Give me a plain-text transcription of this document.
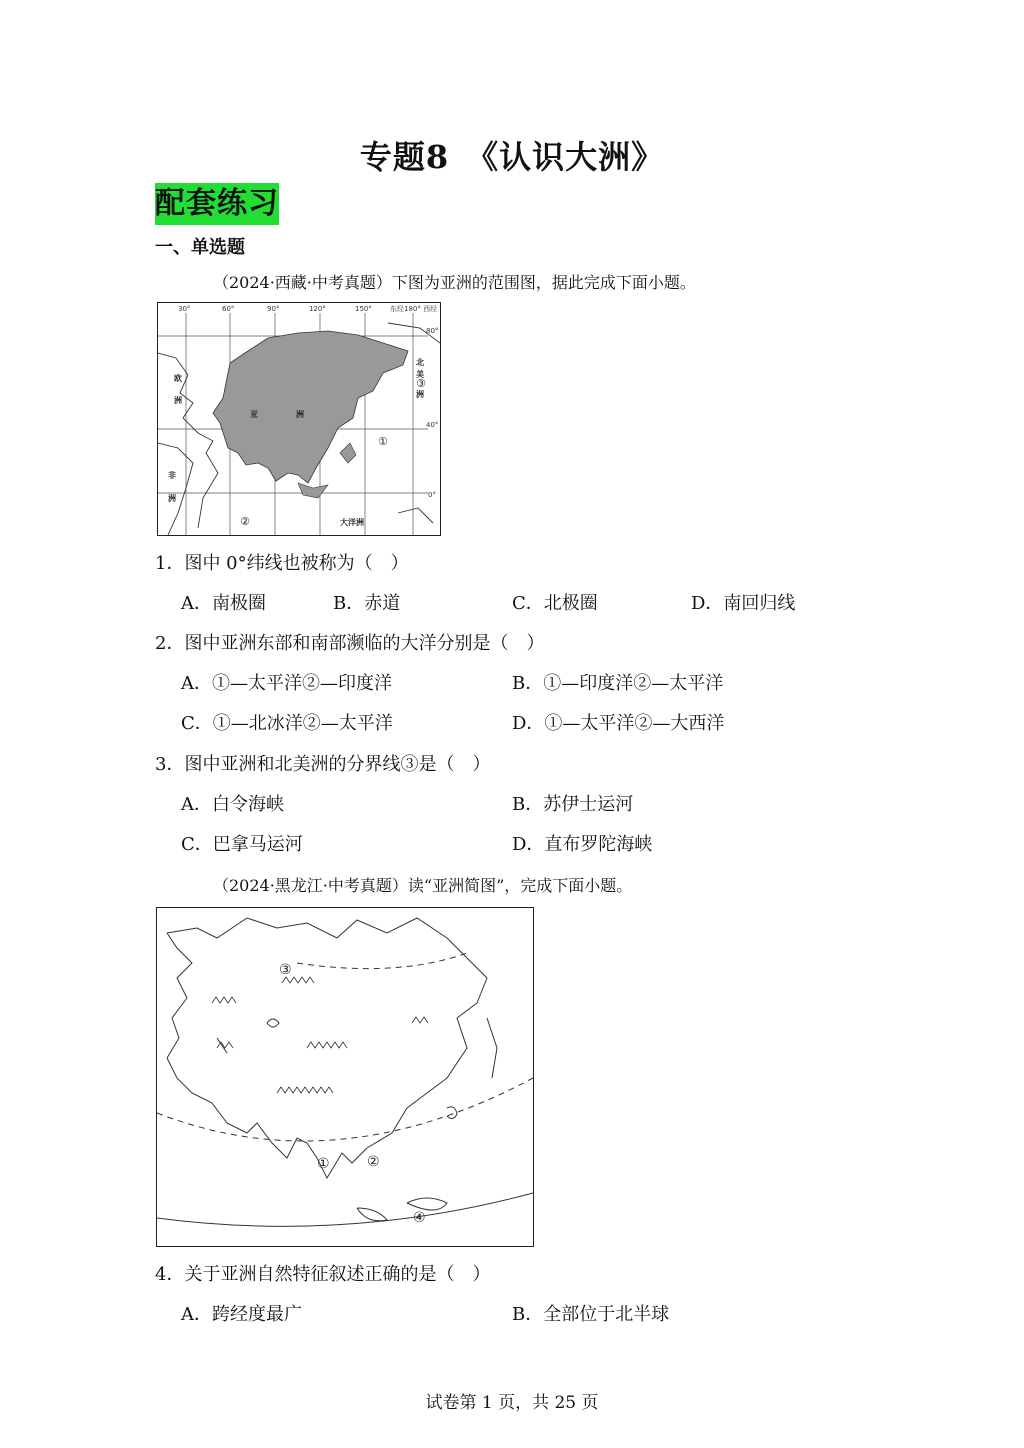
专题8　《认识大洲》
配套练习
一、单选题
（2024·西藏·中考真题）下图为亚洲的范围图，据此完成下面小题。
30°	60°	90°	120°	150°	东经180° 西经
80°
40°
0°
欧
洲
非
洲
亚	洲
北
美
洲
大洋洲
①
②
③
1．图中 0°纬线也被称为（　）
A．南极圈	B．赤道	C．北极圈	D．南回归线
2．图中亚洲东部和南部濒临的大洋分别是（　）
A．①—太平洋②—印度洋	B．①—印度洋②—太平洋
C．①—北冰洋②—太平洋	D．①—太平洋②—大西洋
3．图中亚洲和北美洲的分界线③是（　）
A．白令海峡	B．苏伊士运河
C．巴拿马运河	D．直布罗陀海峡
（2024·黑龙江·中考真题）读“亚洲简图”，完成下面小题。
①	②
③
④
4．关于亚洲自然特征叙述正确的是（　）
A．跨经度最广	B．全部位于北半球
试卷第 1 页，共 25 页
